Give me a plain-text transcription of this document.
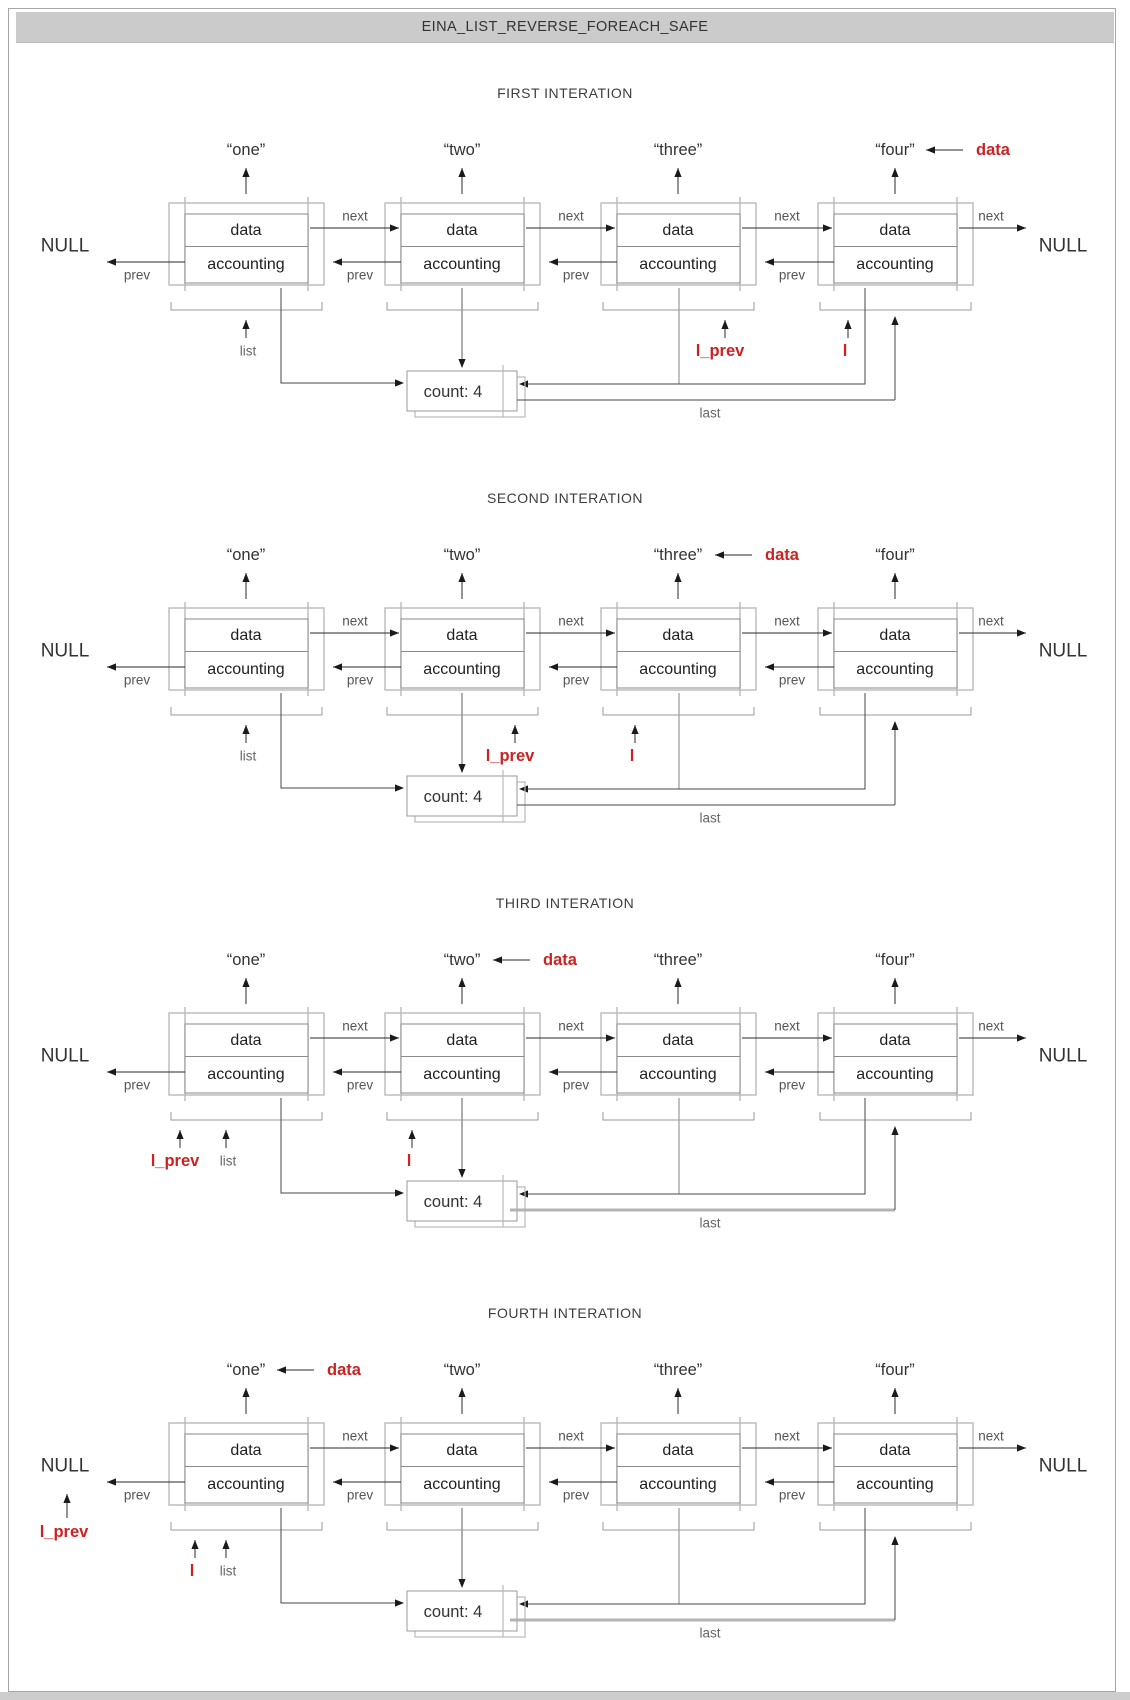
EINA_LIST_REVERSE_FOREACH_SAFE
FIRST INTERATION
data
accounting
“one”
data
accounting
“two”
data
accounting
“three”
data
accounting
“four”	data
next
prev
next
prev
next
prev
next
prev
NULL	NULL
count: 4
last
list	l
l_prev
SECOND INTERATION
data
accounting
“one”
data
accounting
“two”
data
accounting
“three”
data
accounting
“four”
data
next
prev
next
prev
next
prev
next
prev
NULL	NULL
count: 4
last
list	l
l_prev
THIRD INTERATION
data
accounting
“one”
data
accounting
“two”
data
accounting
“three”
data
accounting
“four”
data
next
prev
next
prev
next
prev
next
prev
NULL	NULL
count: 4
last
list	l
l_prev
FOURTH INTERATION
data
accounting
“one”
data
accounting
“two”
data
accounting
“three”
data
accounting
“four”
data
next
prev
next
prev
next
prev
next
prev
NULL	NULL
count: 4
last
list
l
l_prev
